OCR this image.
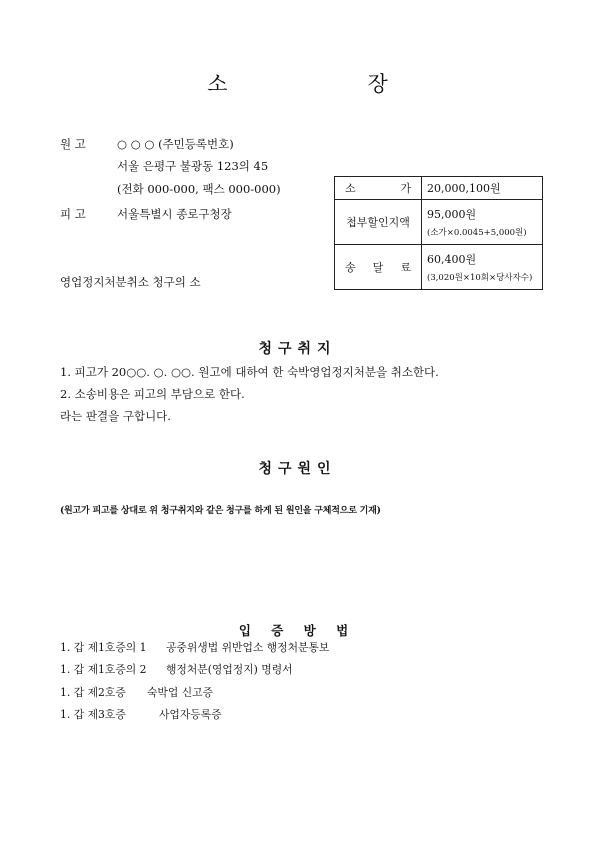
소	장
원 고	○ ○ ○ (주민등록번호)
서울 은평구 불광동 123의 45
(전화 000-000, 팩스 000-000)
피 고	서울특별시 종로구청장
영업정지처분취소 청구의 소
소 가	20,000,100원
첩부할인지액	95,000원
(소가×0.0045+5,000원)

송 달 료	60,400원
(3,020원×10회×당사자수)
청구취지
1. 피고가 20○○. ○. ○○. 원고에 대하여 한 숙박영업정지처분을 취소한다.
2. 소송비용은 피고의 부담으로 한다.
라는 판결을 구합니다.
청구원인
(원고가 피고를 상대로 위 청구취지와 같은 청구를 하게 된 원인을 구체적으로 기재)
입 증 방 법
1. 갑 제1호증의 1 공중위생법 위반업소 행정처분통보
1. 갑 제1호증의 2 행정처분(영업정지) 명령서
1. 갑 제2호증 숙박업 신고증
1. 갑 제3호증	사업자등록증
